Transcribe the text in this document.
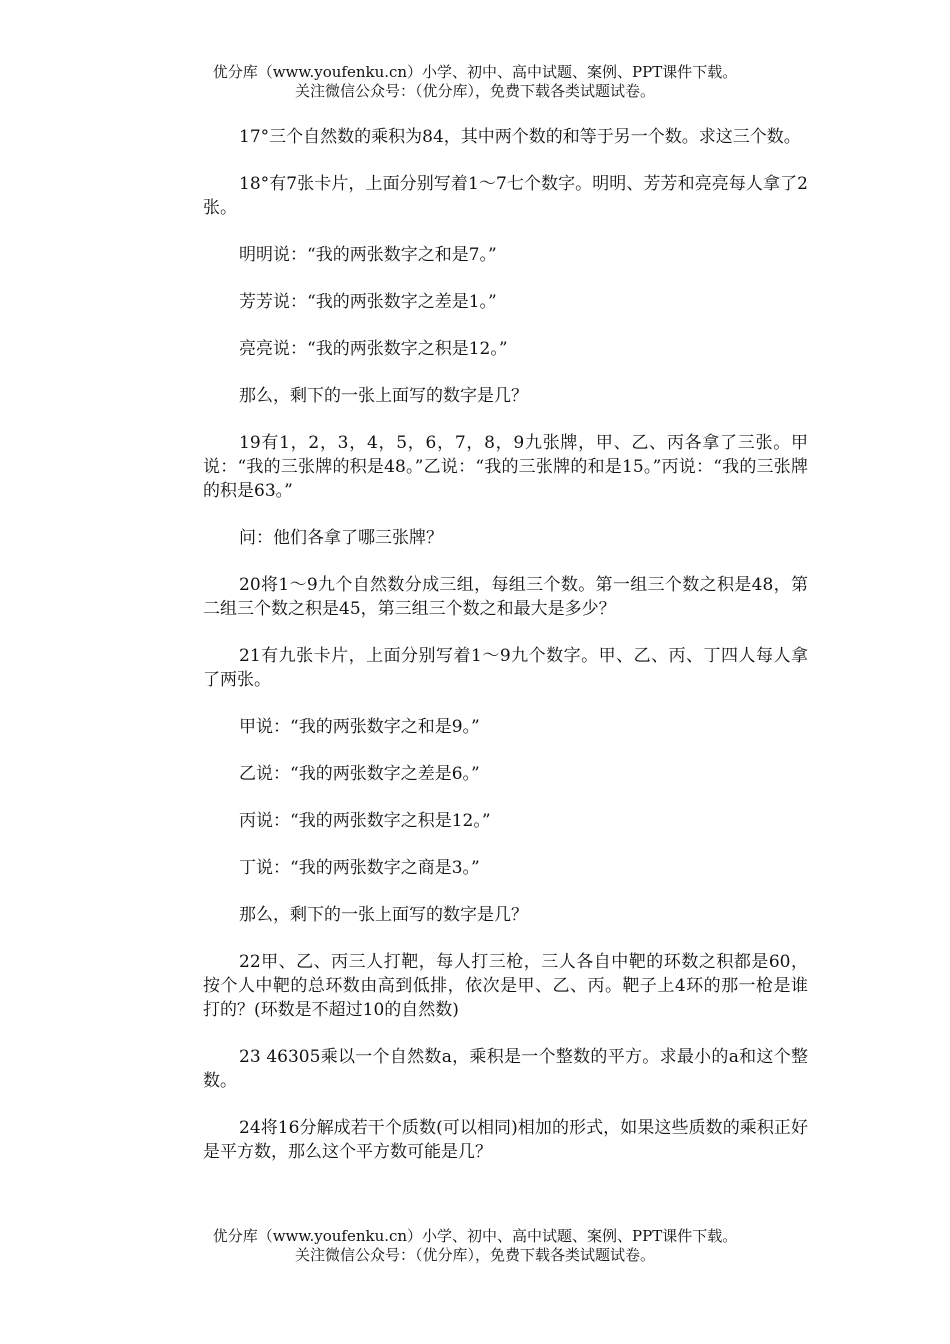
优分库（www.youfenku.cn）小学、初中、高中试题、案例、PPT课件下载。
关注微信公众号：（优分库），免费下载各类试题试卷。

17°三个自然数的乘积为84，其中两个数的和等于另一个数。求这三个数。

18°有7张卡片，上面分别写着1～7七个数字。明明、芳芳和亮亮每人拿了2张。

明明说：“我的两张数字之和是7。”

芳芳说：“我的两张数字之差是1。”

亮亮说：“我的两张数字之积是12。”

那么，剩下的一张上面写的数字是几？

19有1，2，3，4，5，6，7，8，9九张牌，甲、乙、丙各拿了三张。甲说：“我的三张牌的积是48。”乙说：“我的三张牌的和是15。”丙说：“我的三张牌的积是63。”

问：他们各拿了哪三张牌？

20将1～9九个自然数分成三组，每组三个数。第一组三个数之积是48，第二组三个数之积是45，第三组三个数之和最大是多少？

21有九张卡片，上面分别写着1～9九个数字。甲、乙、丙、丁四人每人拿了两张。

甲说：“我的两张数字之和是9。”

乙说：“我的两张数字之差是6。”

丙说：“我的两张数字之积是12。”

丁说：“我的两张数字之商是3。”

那么，剩下的一张上面写的数字是几？

22甲、乙、丙三人打靶，每人打三枪，三人各自中靶的环数之积都是60，按个人中靶的总环数由高到低排，依次是甲、乙、丙。靶子上4环的那一枪是谁打的？(环数是不超过10的自然数)

23 46305乘以一个自然数a，乘积是一个整数的平方。求最小的a和这个整数。

24将16分解成若干个质数(可以相同)相加的形式，如果这些质数的乘积正好是平方数，那么这个平方数可能是几？

优分库（www.youfenku.cn）小学、初中、高中试题、案例、PPT课件下载。
关注微信公众号：（优分库），免费下载各类试题试卷。
